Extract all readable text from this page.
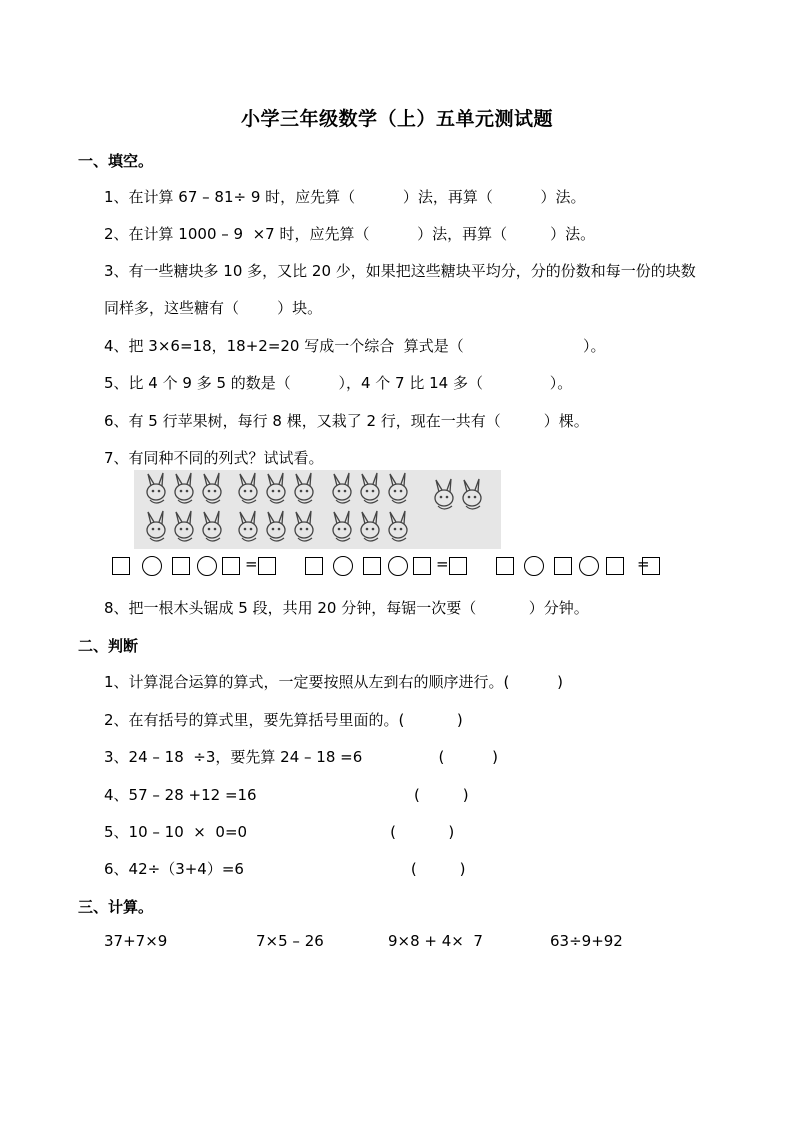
小学三年级数学（上）五单元测试题
一、填空。
1、在计算 67 – 81÷ 9 时，应先算（          ）法，再算（          ）法。
2、在计算 1000 – 9  ×7 时，应先算（          ）法，再算（         ）法。
3、有一些糖块多 10 多，又比 20 少，如果把这些糖块平均分，分的份数和每一份的块数
同样多，这些糖有（        ）块。
4、把 3×6=18，18+2=20 写成一个综合  算式是（                         ）。
5、比 4 个 9 多 5 的数是（          ），4 个 7 比 14 多（              ）。
6、有 5 行苹果树，每行 8 棵，又栽了 2 行，现在一共有（         ）棵。
7、有同种不同的列式？试试看。
=	=	=
8、把一根木头锯成 5 段，共用 20 分钟，每锯一次要（           ）分钟。
二、判断
1、计算混合运算的算式，一定要按照从左到右的顺序进行。(          )
2、在有括号的算式里，要先算括号里面的。(           )
3、24 – 18  ÷3，要先算 24 – 18 =6                (          )
4、57 – 28 +12 =16                                 (         )
5、10 – 10  ×  0=0                              (           )
6、42÷（3+4）=6                                   (         )
三、计算。
37+7×9	7×5 – 26	9×8 + 4×  7	63÷9+92
